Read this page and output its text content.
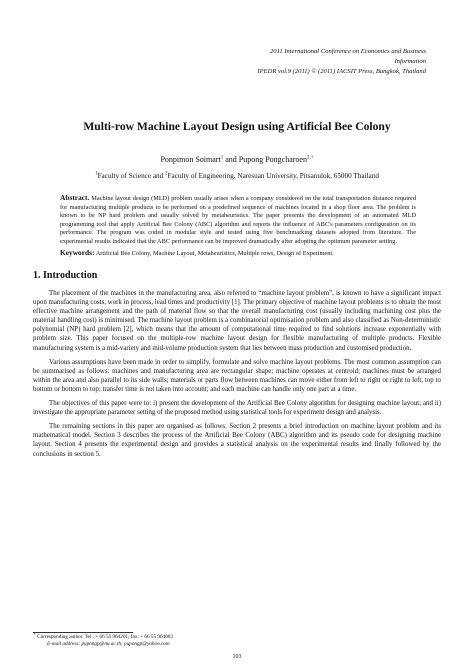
2011 International Conference on Economics and Business
Information
IPEDR vol.9 (2011) © (2011) IACSIT Press, Bangkok, Thailand
Multi-row Machine Layout Design using Artificial Bee Colony
Ponpimon Soimart$^1$ and Pupong Pongcharoen$^{2,+}$
$^1$Faculty of Science and $^2$Faculty of Engineering, Naresuan University, Pitsanulok, 65000 Thailand
Abstract. Machine layout design (MLD) problem usually arises when a company considered on the total transportation distance required for manufacturing multiple products to be performed on a predefined sequence of machines located in a shop floor area. The problem is known to be NP hard problem and usually solved by metaheuristics. The paper presents the development of an automated MLD programming tool that apply Artificial Bee Colony (ABC) algorithm and reports the influence of ABC's parameters configuration on its performance. The program was coded in modular style and tested using five benchmarking datasets adopted from literature. The experimental results indicated that the ABC performance can be improved dramatically after adopting the optimum parameter setting.
Keywords: Artificial Bee Colony, Machine Layout, Metaheuristics, Multiple rows, Design of Experiment.
1. Introduction

The placement of the machines in the manufacturing area, also referred to “machine layout problem”, is known to have a significant impact upon manufacturing costs, work in process, lead times and productivity [1]. The primary objective of machine layout problems is to obtain the most effective machine arrangement and the path of material flow so that the overall manufacturing cost (usually including machining cost plus the material handling cost) is minimised. The machine layout problem is a combinatorial optimisation problem and also classified as Non-deterministic polynomial (NP) hard problem [2], which means that the amount of computational time required to find solutions increase exponentially with problem size. This paper focused on the multiple-row machine layout design for flexible manufacturing of multiple products. Flexible manufacturing system is a mid-variety and mid-volume production system that lies between mass production and customised production.

Various assumptions have been made in order to simplify, formulate and solve machine layout problems. The most common assumption can be summarised as follows: machines and manufacturing area are rectangular shape; machine operates at centroid; machines must be arranged within the area and also parallel to its side walls; materials or parts flow between machines can move either from left to right or right to left, top to bottom or bottom to top; transfer time is not taken into account; and each machine can handle only one part at a time.

The objectives of this paper were to: i) present the development of the Artificial Bee Colony algorithm for designing machine layout; and ii) investigate the appropriate parameter setting of the proposed method using statistical tools for experiment design and analysis.

The remaining sections in this paper are organised as follows. Section 2 presents a brief introduction on machine layout problem and its mathematical model. Section 3 describes the process of the Artificial Bee Colony (ABC) algorithm and its pseudo code for designing machine layout. Section 4 presents the experimental design and provides a statistical analysis on the experimental results and finally followed by the conclusions in section 5.

+ Corresponding author. Tel.: + 66 55 964201; fax: + 66 55 964003
E-mail address: pupongp@nu.ac.th; pupongp@yahoo.com
103
